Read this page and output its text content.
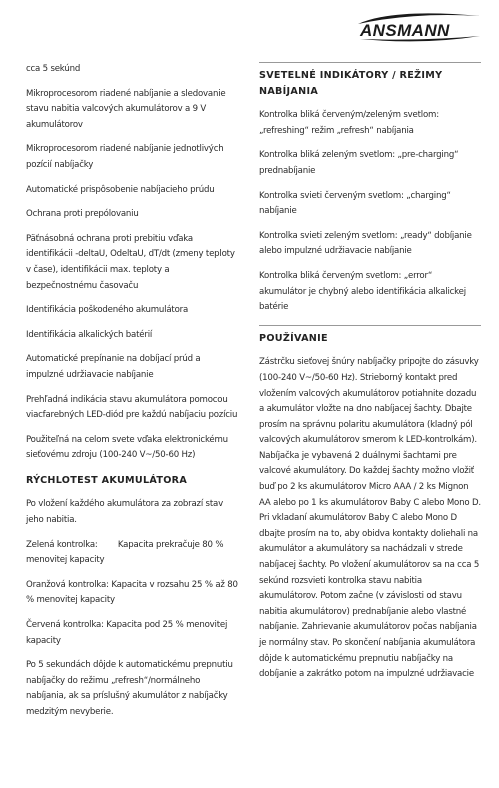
ANSMANN

cca 5 sekúnd

Mikroprocesorom riadené nabíjanie a sledovanie stavu nabitia valcových akumulátorov a 9 V akumulátorov

Mikroprocesorom riadené nabíjanie jednotlivých pozícií nabíjačky

Automatické prispôsobenie nabíjacieho prúdu

Ochrana proti prepólovaniu

Päťnásobná ochrana proti prebitiu vďaka identifikácii -deltaU, OdeltaU, dT/dt (zmeny teploty v čase), identifikácii max. teploty a bezpečnostnému časovaču

Identifikácia poškodeného akumulátora

Identifikácia alkalických batérií

Automatické prepínanie na dobíjací prúd a impulzné udržiavacie nabíjanie

Prehľadná indikácia stavu akumulátora pomocou viacfarebných LED-diód pre každú nabíjaciu pozíciu

Použiteľná na celom svete vďaka elektronickému sieťovému zdroju (100-240 V~/50-60 Hz)

RÝCHLOTEST AKUMULÁTORA

Po vložení každého akumulátora za zobrazí stav jeho nabitia.

Zelená kontrolka:        Kapacita prekračuje 80 % menovitej kapacity

Oranžová kontrolka: Kapacita v rozsahu 25 % až 80 % menovitej kapacity

Červená kontrolka: Kapacita pod 25 % menovitej kapacity

Po 5 sekundách dôjde k automatickému prepnutiu nabíjačky do režimu „refresh“/normálneho nabíjania, ak sa príslušný akumulátor z nabíjačky medzitým nevyberie.

SVETELNÉ INDIKÁTORY / REŽIMY NABÍJANIA

Kontrolka bliká červeným/zeleným svetlom: „refreshing“ režim „refresh“ nabíjania

Kontrolka bliká zeleným svetlom: „pre-charging“ prednabíjanie

Kontrolka svieti červeným svetlom: „charging“ nabíjanie

Kontrolka svieti zeleným svetlom: „ready“ dobíjanie alebo impulzné udržiavacie nabíjanie

Kontrolka bliká červeným svetlom: „error“ akumulátor je chybný alebo identifikácia alkalickej batérie

POUŽÍVANIE

Zástrčku sieťovej šnúry nabíjačky pripojte do zásuvky (100-240 V~/50-60 Hz). Strieborný kontakt pred vložením valcových akumulátorov potiahnite dozadu a akumulátor vložte na dno nabíjacej šachty. Dbajte prosím na správnu polaritu akumulátora (kladný pól valcových akumulátorov smerom k LED-kontrolkám). Nabíjačka je vybavená 2 duálnymi šachtami pre valcové akumulátory. Do každej šachty možno vložiť buď po 2 ks akumulátorov Micro AAA / 2 ks Mignon AA alebo po 1 ks akumulátorov Baby C alebo Mono D. Pri vkladaní akumulátorov Baby C alebo Mono D dbajte prosím na to, aby obidva kontakty doliehali na akumulátor a akumulátory sa nachádzali v strede nabíjacej šachty. Po vložení akumulátorov sa na cca 5 sekúnd rozsvieti kontrolka stavu nabitia akumulátorov. Potom začne (v závislosti od stavu nabitia akumulátorov) prednabíjanie alebo vlastné nabíjanie. Zahrievanie akumulátorov počas nabíjania je normálny stav. Po skončení nabíjania akumulátora dôjde k automatickému prepnutiu nabíjačky na dobíjanie a zakrátko potom na impulzné udržiavacie
